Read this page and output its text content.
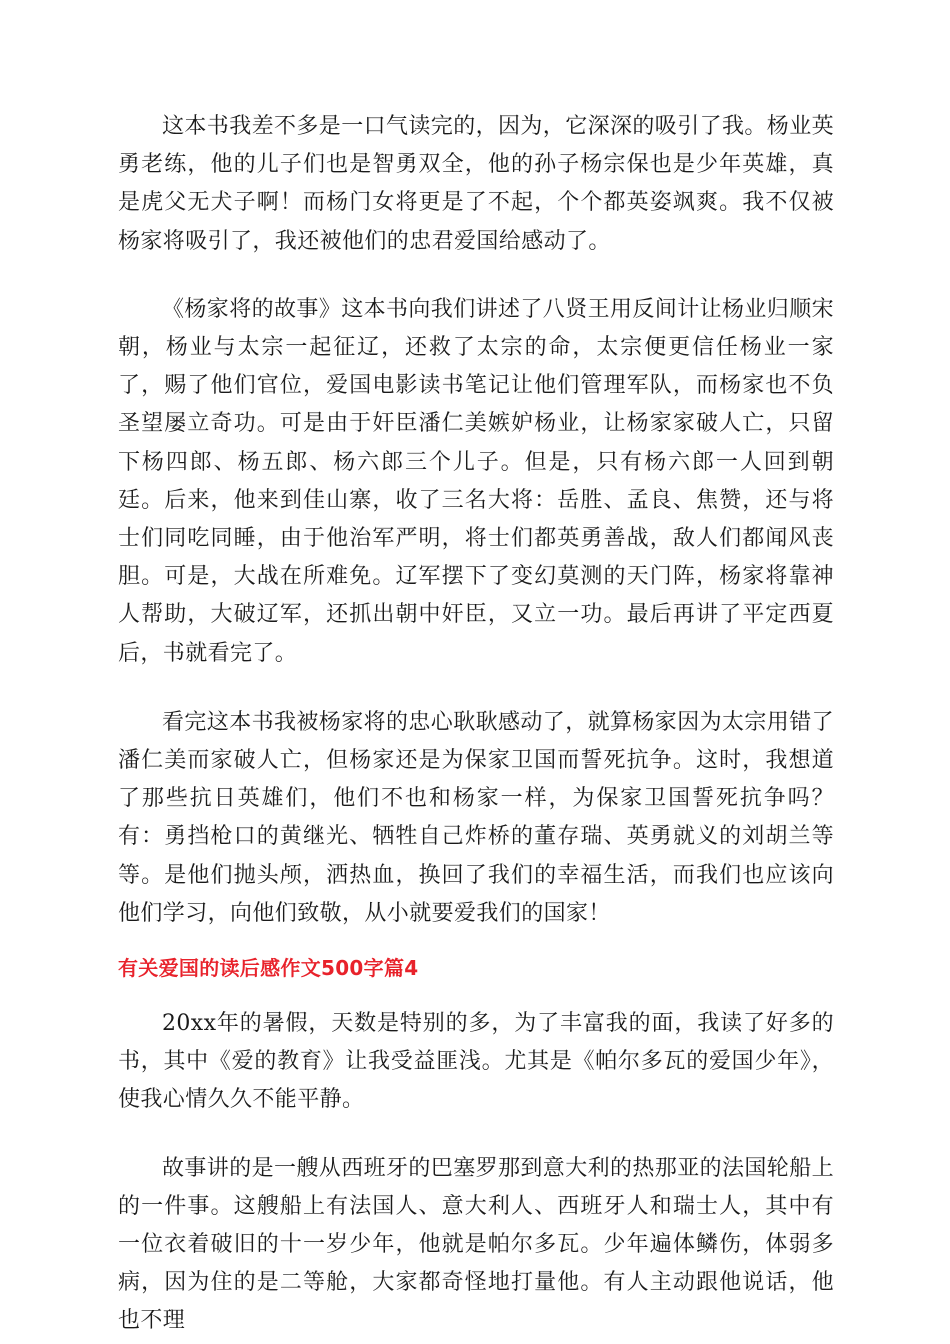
这本书我差不多是一口气读完的，因为，它深深的吸引了我。杨业英勇老练，他的儿子们也是智勇双全，他的孙子杨宗保也是少年英雄，真是虎父无犬子啊！而杨门女将更是了不起，个个都英姿飒爽。我不仅被杨家将吸引了，我还被他们的忠君爱国给感动了。

《杨家将的故事》这本书向我们讲述了八贤王用反间计让杨业归顺宋朝，杨业与太宗一起征辽，还救了太宗的命，太宗便更信任杨业一家了，赐了他们官位，爱国电影读书笔记让他们管理军队，而杨家也不负圣望屡立奇功。可是由于奸臣潘仁美嫉妒杨业，让杨家家破人亡，只留下杨四郎、杨五郎、杨六郎三个儿子。但是，只有杨六郎一人回到朝廷。后来，他来到佳山寨，收了三名大将：岳胜、孟良、焦赞，还与将士们同吃同睡，由于他治军严明，将士们都英勇善战，敌人们都闻风丧胆。可是，大战在所难免。辽军摆下了变幻莫测的天门阵，杨家将靠神人帮助，大破辽军，还抓出朝中奸臣，又立一功。最后再讲了平定西夏后，书就看完了。

看完这本书我被杨家将的忠心耿耿感动了，就算杨家因为太宗用错了潘仁美而家破人亡，但杨家还是为保家卫国而誓死抗争。这时，我想道了那些抗日英雄们，他们不也和杨家一样，为保家卫国誓死抗争吗？有：勇挡枪口的黄继光、牺牲自己炸桥的董存瑞、英勇就义的刘胡兰等等。是他们抛头颅，洒热血，换回了我们的幸福生活，而我们也应该向他们学习，向他们致敬，从小就要爱我们的国家！

有关爱国的读后感作文500字篇4

20xx年的暑假，天数是特别的多，为了丰富我的面，我读了好多的书，其中《爱的教育》让我受益匪浅。尤其是《帕尔多瓦的爱国少年》，使我心情久久不能平静。

故事讲的是一艘从西班牙的巴塞罗那到意大利的热那亚的法国轮船上的一件事。这艘船上有法国人、意大利人、西班牙人和瑞士人，其中有一位衣着破旧的十一岁少年，他就是帕尔多瓦。少年遍体鳞伤，体弱多病，因为住的是二等舱，大家都奇怪地打量他。有人主动跟他说话，他也不理
